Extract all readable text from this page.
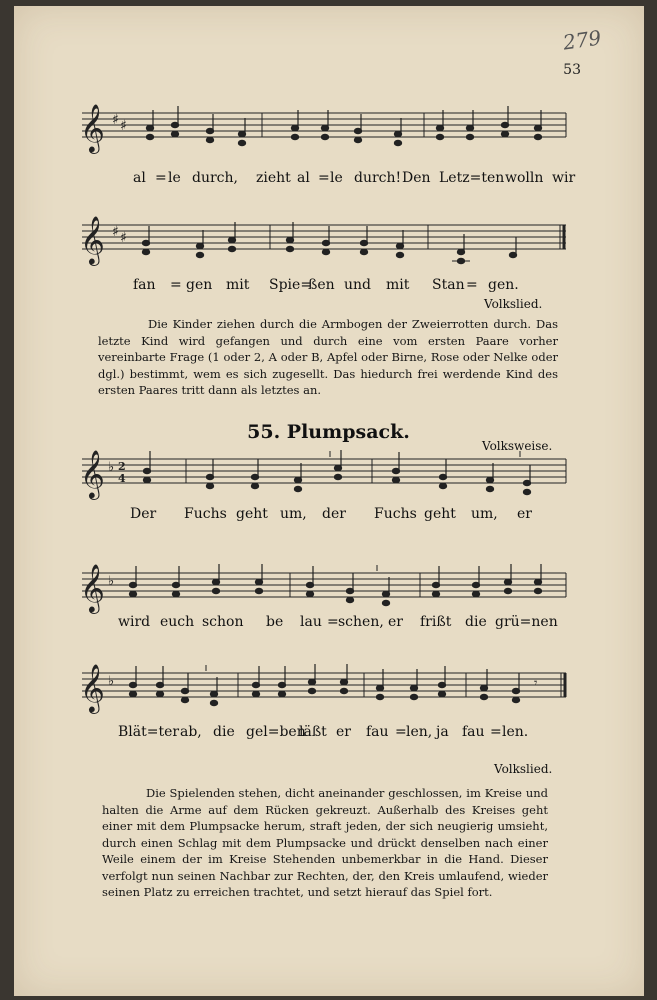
279
53
𝄞 ♯ ♯
al = le durch, zieht al = le durch! Den Letz=ten wolln wir
𝄞 ♯ ♯
fan = gen mit Spie=
ßen und mit Stan = gen.
Volkslied.
Die Kinder ziehen durch die Armbogen der Zweierrotten durch. Das letzte Kind wird gefangen und durch eine vom ersten Paare vorher vereinbarte Frage (1 oder 2, A oder B, Apfel oder Birne, Rose oder Nelke oder dgl.) bestimmt, wem es sich zugesellt. Das hiedurch frei werdende Kind des ersten Paares tritt dann als letztes an.
55. Plumpsack.
Volksweise.
𝄞 ♭ 2
4
Der Fuchs geht um, der Fuchs geht um, er
𝄞 ♭
wird euch schon be lau = schen, er frißt die grü=nen
𝄞 ♭	𝄾
Blät=ter ab, die gel=ben
läßt er fau = len, ja fau = len.
Volkslied.
Die Spielenden stehen, dicht aneinander geschlossen, im Kreise und halten die Arme auf dem Rücken gekreuzt. Außerhalb des Kreises geht einer mit dem Plumpsacke herum, straft jeden, der sich neugierig umsieht, durch einen Schlag mit dem Plumpsacke und drückt denselben nach einer Weile einem der im Kreise Stehenden unbemerkbar in die Hand. Dieser verfolgt nun seinen Nachbar zur Rechten, der, den Kreis umlaufend, wieder seinen Platz zu erreichen trachtet, und setzt hierauf das Spiel fort.
